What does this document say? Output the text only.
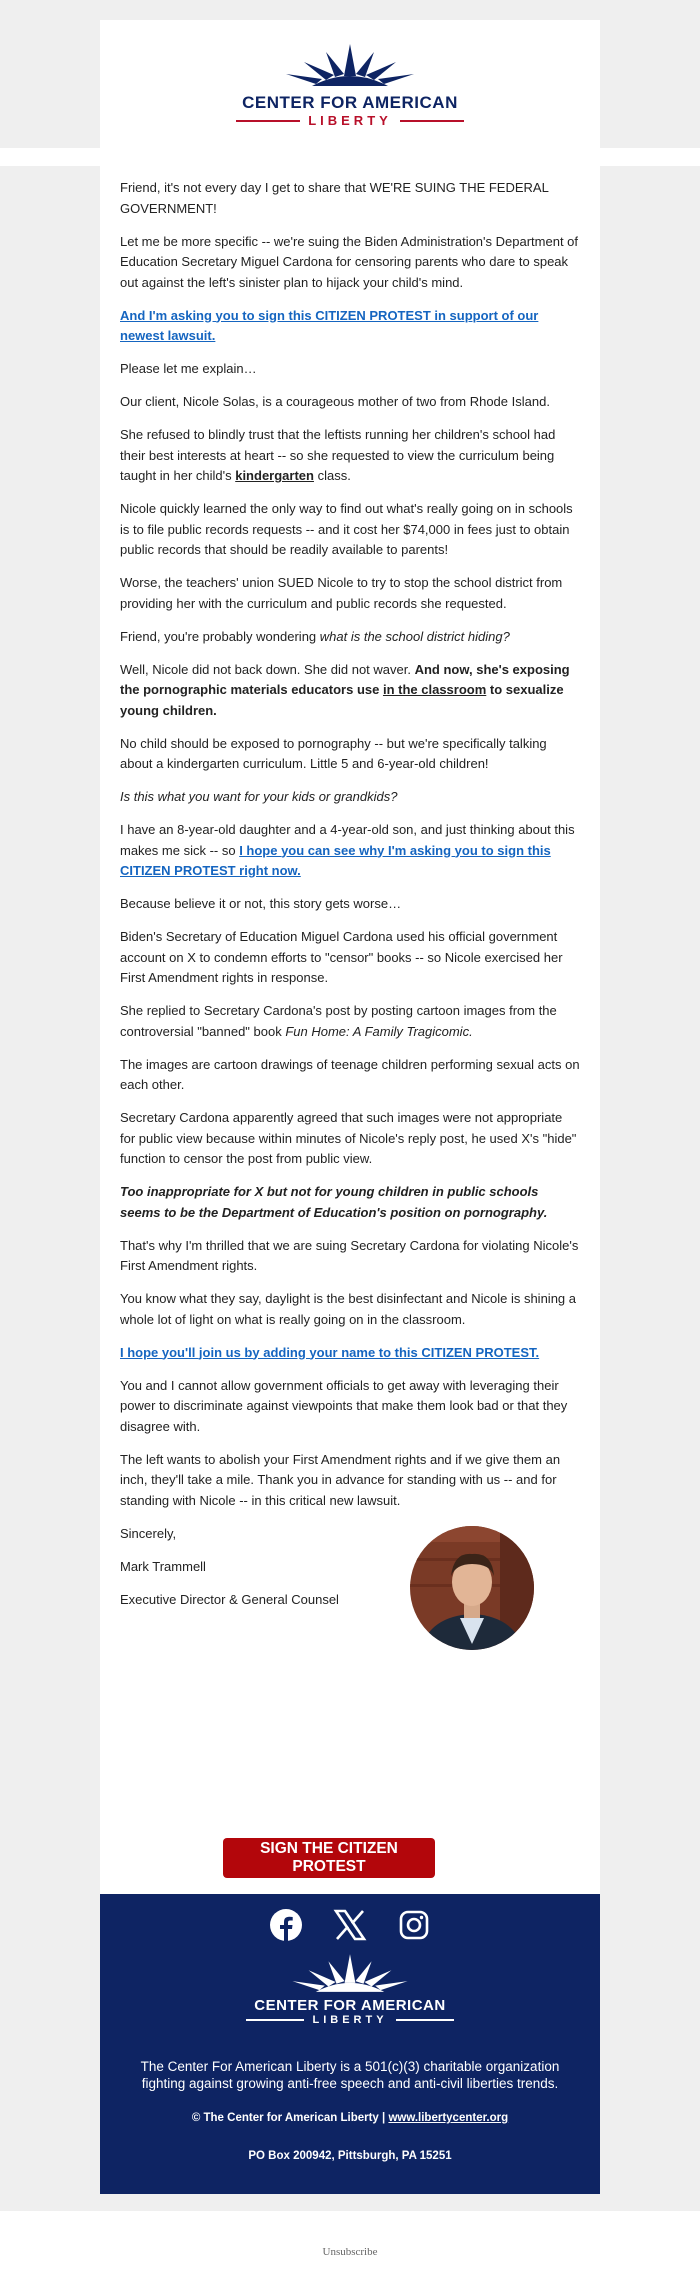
CENTER FOR AMERICAN
LIBERTY

Friend, it's not every day I get to share that WE'RE SUING THE FEDERAL GOVERNMENT!

Let me be more specific -- we're suing the Biden Administration's Department of Education Secretary Miguel Cardona for censoring parents who dare to speak out against the left's sinister plan to hijack your child's mind.

And I'm asking you to sign this CITIZEN PROTEST in support of our newest lawsuit.

Please let me explain…

Our client, Nicole Solas, is a courageous mother of two from Rhode Island.

She refused to blindly trust that the leftists running her children's school had their best interests at heart -- so she requested to view the curriculum being taught in her child's kindergarten class.

Nicole quickly learned the only way to find out what's really going on in schools is to file public records requests -- and it cost her $74,000 in fees just to obtain public records that should be readily available to parents!

Worse, the teachers' union SUED Nicole to try to stop the school district from providing her with the curriculum and public records she requested.

Friend, you're probably wondering what is the school district hiding?

Well, Nicole did not back down. She did not waver. And now, she's exposing the pornographic materials educators use in the classroom to sexualize young children.

No child should be exposed to pornography -- but we're specifically talking about a kindergarten curriculum. Little 5 and 6-year-old children!

Is this what you want for your kids or grandkids?

I have an 8-year-old daughter and a 4-year-old son, and just thinking about this makes me sick -- so I hope you can see why I'm asking you to sign this CITIZEN PROTEST right now.

Because believe it or not, this story gets worse…

Biden's Secretary of Education Miguel Cardona used his official government account on X to condemn efforts to "censor" books -- so Nicole exercised her First Amendment rights in response.

She replied to Secretary Cardona's post by posting cartoon images from the controversial "banned" book Fun Home: A Family Tragicomic.

The images are cartoon drawings of teenage children performing sexual acts on each other.

Secretary Cardona apparently agreed that such images were not appropriate for public view because within minutes of Nicole's reply post, he used X's "hide" function to censor the post from public view.

Too inappropriate for X but not for young children in public schools seems to be the Department of Education's position on pornography.

That's why I'm thrilled that we are suing Secretary Cardona for violating Nicole's First Amendment rights.

You know what they say, daylight is the best disinfectant and Nicole is shining a whole lot of light on what is really going on in the classroom.

I hope you'll join us by adding your name to this CITIZEN PROTEST.

You and I cannot allow government officials to get away with leveraging their power to discriminate against viewpoints that make them look bad or that they disagree with.

The left wants to abolish your First Amendment rights and if we give them an inch, they'll take a mile. Thank you in advance for standing with us -- and for standing with Nicole -- in this critical new lawsuit.

Sincerely,

Mark Trammell

Executive Director & General Counsel

SIGN THE CITIZEN PROTEST
CENTER FOR AMERICAN
LIBERTY
The Center For American Liberty is a 501(c)(3) charitable organization fighting against growing anti-free speech and anti-civil liberties trends.
© The Center for American Liberty | www.libertycenter.org
PO Box 200942, Pittsburgh, PA 15251
Unsubscribe
